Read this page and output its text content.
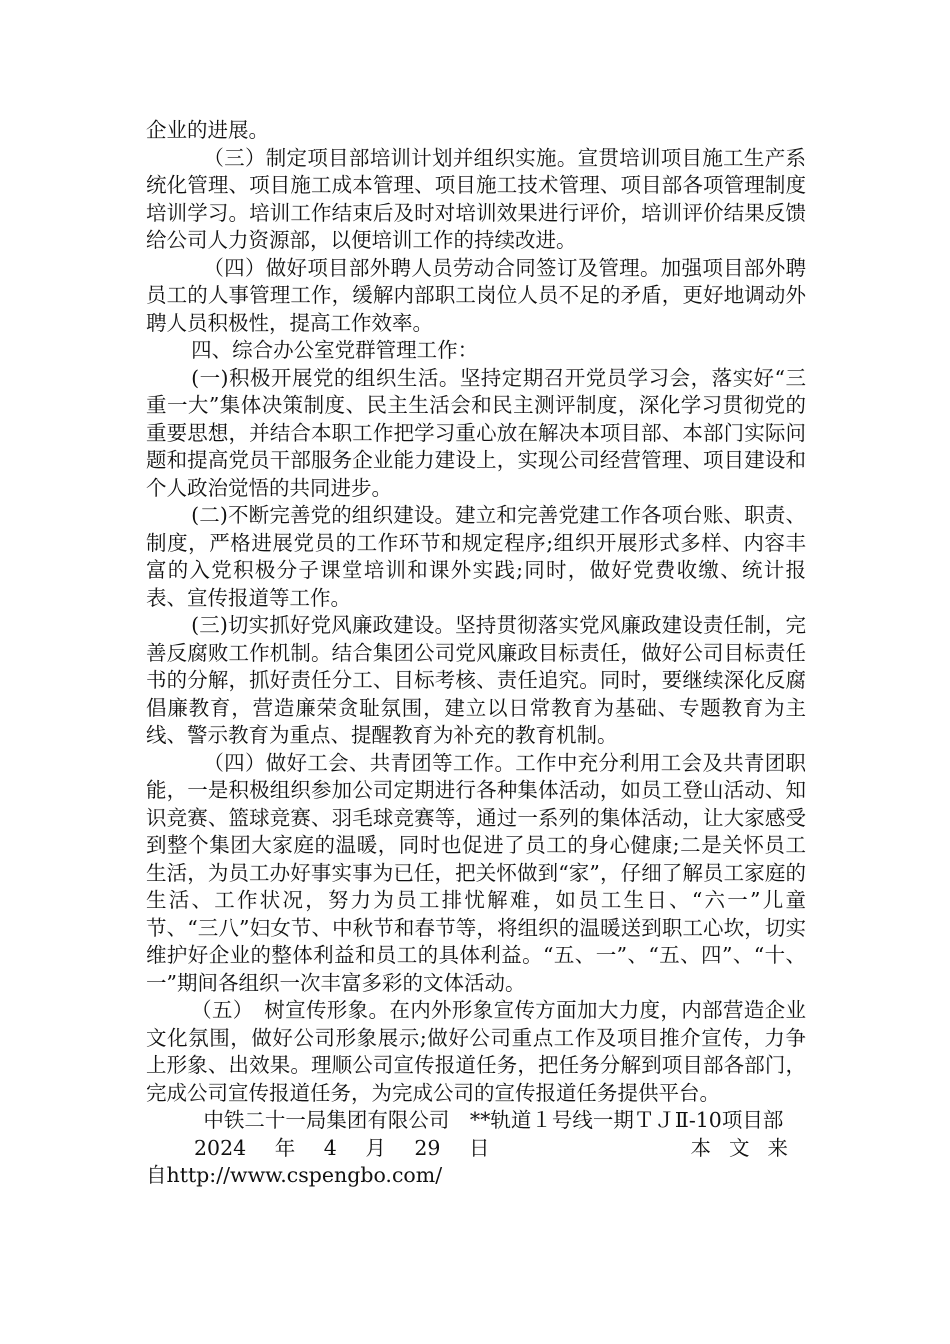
企业的进展。

（三）制定项目部培训计划并组织实施。宣贯培训项目施工生产系统化管理、项目施工成本管理、项目施工技术管理、项目部各项管理制度培训学习。培训工作结束后及时对培训效果进行评价，培训评价结果反馈给公司人力资源部，以便培训工作的持续改进。

（四）做好项目部外聘人员劳动合同签订及管理。加强项目部外聘员工的人事管理工作，缓解内部职工岗位人员不足的矛盾，更好地调动外聘人员积极性，提高工作效率。

四、综合办公室党群管理工作：

(一)积极开展党的组织生活。坚持定期召开党员学习会，落实好“三重一大”集体决策制度、民主生活会和民主测评制度，深化学习贯彻党的重要思想，并结合本职工作把学习重心放在解决本项目部、本部门实际问题和提高党员干部服务企业能力建设上，实现公司经营管理、项目建设和个人政治觉悟的共同进步。

(二)不断完善党的组织建设。建立和完善党建工作各项台账、职责、制度，严格进展党员的工作环节和规定程序;组织开展形式多样、内容丰富的入党积极分子课堂培训和课外实践;同时，做好党费收缴、统计报表、宣传报道等工作。

(三)切实抓好党风廉政建设。坚持贯彻落实党风廉政建设责任制，完善反腐败工作机制。结合集团公司党风廉政目标责任，做好公司目标责任书的分解，抓好责任分工、目标考核、责任追究。同时，要继续深化反腐倡廉教育，营造廉荣贪耻氛围，建立以日常教育为基础、专题教育为主线、警示教育为重点、提醒教育为补充的教育机制。

（四）做好工会、共青团等工作。工作中充分利用工会及共青团职能，一是积极组织参加公司定期进行各种集体活动，如员工登山活动、知识竞赛、篮球竞赛、羽毛球竞赛等，通过一系列的集体活动，让大家感受到整个集团大家庭的温暖，同时也促进了员工的身心健康;二是关怀员工生活，为员工办好事实事为已任，把关怀做到“家”，仔细了解员工家庭的生活、工作状况，努力为员工排忧解难，如员工生日、“六一”儿童节、“三八”妇女节、中秋节和春节等，将组织的温暖送到职工心坎，切实维护好企业的整体利益和员工的具体利益。“五、一”、“五、四”、“十、一”期间各组织一次丰富多彩的文体活动。

（五）　树宣传形象。在内外形象宣传方面加大力度，内部营造企业文化氛围，做好公司形象展示;做好公司重点工作及项目推介宣传，力争上形象、出效果。理顺公司宣传报道任务，把任务分解到项目部各部门，完成公司宣传报道任务，为完成公司的宣传报道任务提供平台。

中铁二十一局集团有限公司　**轨道１号线一期ＴＪⅡ-10项目部

2024 年 4 月 29 日	本文来

自http://www.cspengbo.com/
